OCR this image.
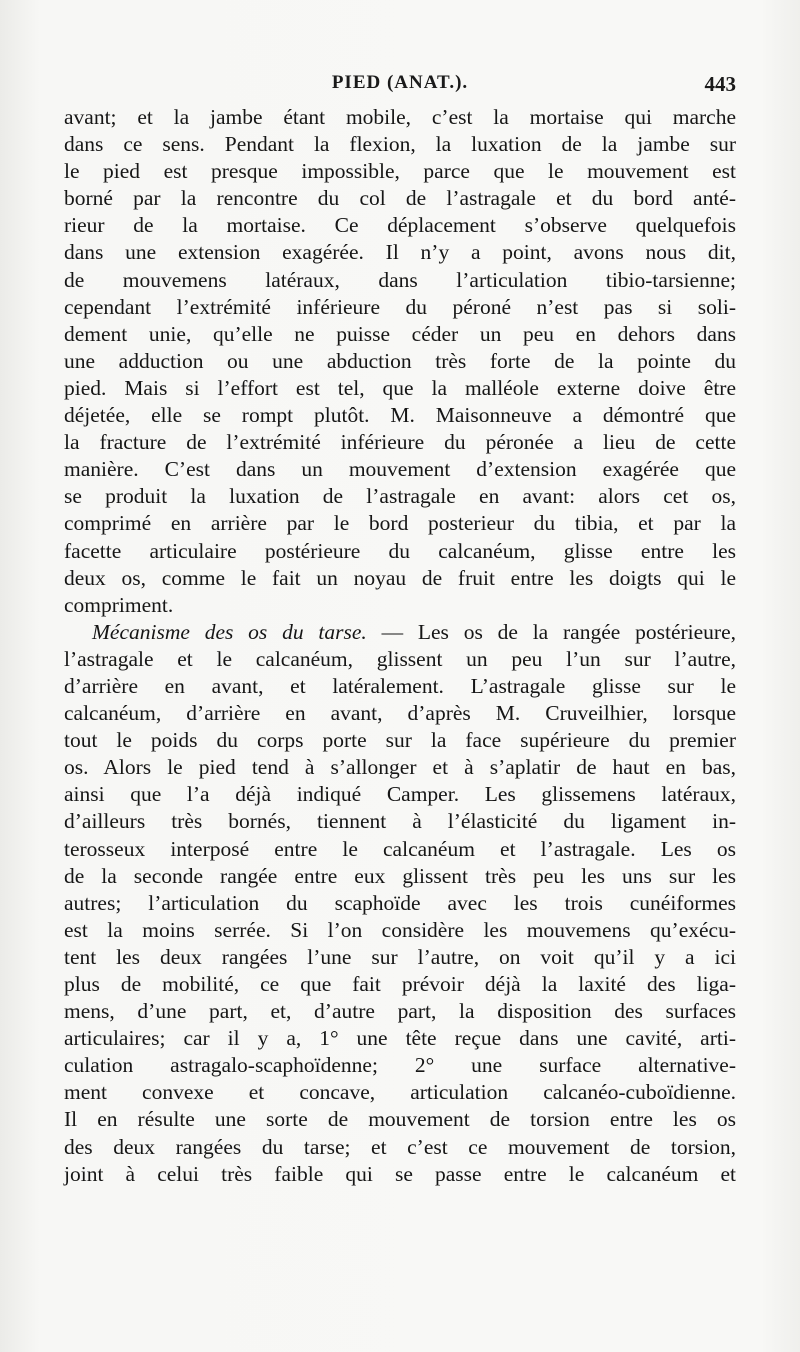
PIED (ANAT.).	443
avant; et la jambe étant mobile, c’est la mortaise qui marche
dans ce sens. Pendant la flexion, la luxation de la jambe sur
le pied est presque impossible, parce que le mouvement est
borné par la rencontre du col de l’astragale et du bord anté-
rieur de la mortaise. Ce déplacement s’observe quelquefois
dans une extension exagérée. Il n’y a point, avons nous dit,
de mouvemens latéraux, dans l’articulation tibio-tarsienne;
cependant l’extrémité inférieure du péroné n’est pas si soli-
dement unie, qu’elle ne puisse céder un peu en dehors dans
une adduction ou une abduction très forte de la pointe du
pied. Mais si l’effort est tel, que la malléole externe doive être
déjetée, elle se rompt plutôt. M. Maisonneuve a démontré que
la fracture de l’extrémité inférieure du péronée a lieu de cette
manière. C’est dans un mouvement d’extension exagérée que
se produit la luxation de l’astragale en avant: alors cet os,
comprimé en arrière par le bord posterieur du tibia, et par la
facette articulaire postérieure du calcanéum, glisse entre les
deux os, comme le fait un noyau de fruit entre les doigts qui le
compriment.
Mécanisme des os du tarse. — Les os de la rangée postérieure,
l’astragale et le calcanéum, glissent un peu l’un sur l’autre,
d’arrière en avant, et latéralement. L’astragale glisse sur le
calcanéum, d’arrière en avant, d’après M. Cruveilhier, lorsque
tout le poids du corps porte sur la face supérieure du premier
os. Alors le pied tend à s’allonger et à s’aplatir de haut en bas,
ainsi que l’a déjà indiqué Camper. Les glissemens latéraux,
d’ailleurs très bornés, tiennent à l’élasticité du ligament in-
terosseux interposé entre le calcanéum et l’astragale. Les os
de la seconde rangée entre eux glissent très peu les uns sur les
autres; l’articulation du scaphoïde avec les trois cunéiformes
est la moins serrée. Si l’on considère les mouvemens qu’exécu-
tent les deux rangées l’une sur l’autre, on voit qu’il y a ici
plus de mobilité, ce que fait prévoir déjà la laxité des liga-
mens, d’une part, et, d’autre part, la disposition des surfaces
articulaires; car il y a, 1° une tête reçue dans une cavité, arti-
culation astragalo-scaphoïdenne; 2° une surface alternative-
ment convexe et concave, articulation calcanéo-cuboïdienne.
Il en résulte une sorte de mouvement de torsion entre les os
des deux rangées du tarse; et c’est ce mouvement de torsion,
joint à celui très faible qui se passe entre le calcanéum et
